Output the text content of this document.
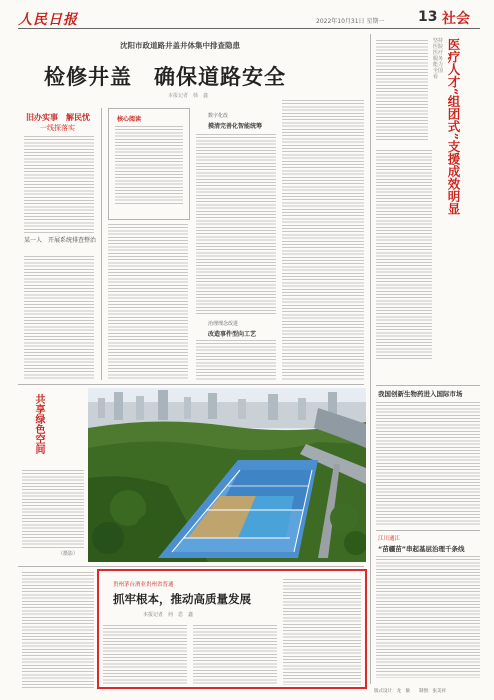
人民日报	2022年10月31日 星期一 13 社会
沈阳市政道路井盖井体集中排查隐患
检修井盖　确保道路安全
本报记者　韩　鑫
旧办实事　解民忧
一线探落实
某一人　开展系统排查整治
核心阅读	数字化改
摸清完善化智能统筹
治理理念改进
改造事件型向工艺
坚持医院医疗服务能力全国看 医疗人才“组团式”支援成效明显
我国创新生物药进入国际市场
江川通江
“苗疆苗”串起基层治理千条线
共享绿色空间
（摄影）
贵州茅台酒业贵州省普通
抓牢根本，推动高质量发展
本报记者　何　思　鑫
版式设计：龙　敏　　制图：张美祥
